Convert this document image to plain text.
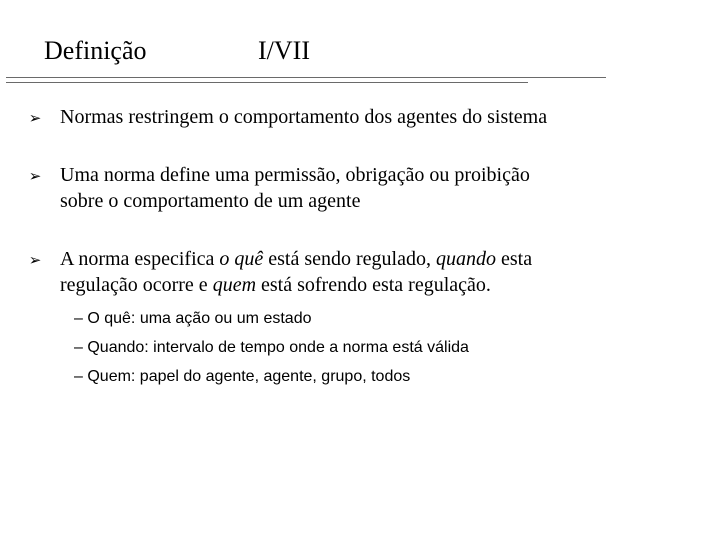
Definição	I/VII
➢ Normas restringem o comportamento dos agentes do sistema
➢ Uma norma define uma permissão, obrigação ou proibição
sobre o comportamento de um agente
➢ A norma especifica o quê está sendo regulado, quando esta
regulação ocorre e quem está sofrendo esta regulação.
– O quê: uma ação ou um estado
– Quando: intervalo de tempo onde a norma está válida
– Quem: papel do agente, agente, grupo, todos
